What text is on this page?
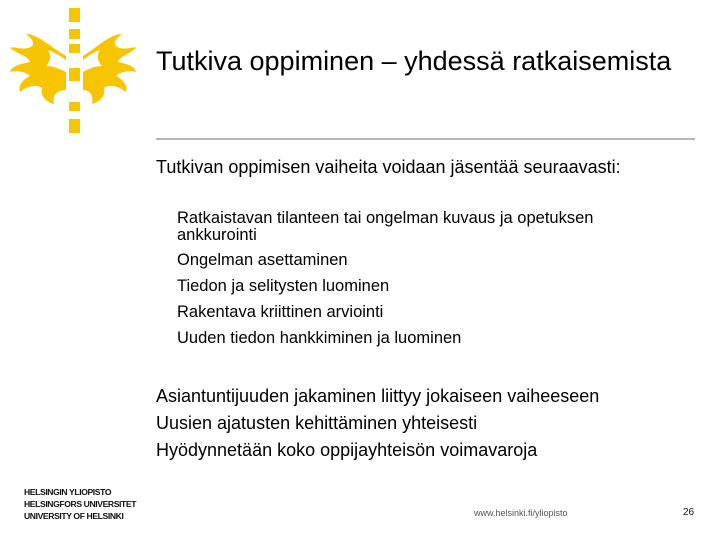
Tutkiva oppiminen – yhdessä ratkaisemista

Tutkivan oppimisen vaiheita voidaan jäsentää seuraavasti:

Ratkaistavan tilanteen tai ongelman kuvaus ja opetuksen ankkurointi
Ongelman asettaminen
Tiedon ja selitysten luominen
Rakentava kriittinen arviointi
Uuden tiedon hankkiminen ja luominen
Asiantuntijuuden jakaminen liittyy jokaiseen vaiheeseen
Uusien ajatusten kehittäminen yhteisesti
Hyödynnetään koko oppijayhteisön voimavaroja
HELSINGIN YLIOPISTO
HELSINGFORS UNIVERSITET
UNIVERSITY OF HELSINKI	www.helsinki.fi/yliopisto	26
